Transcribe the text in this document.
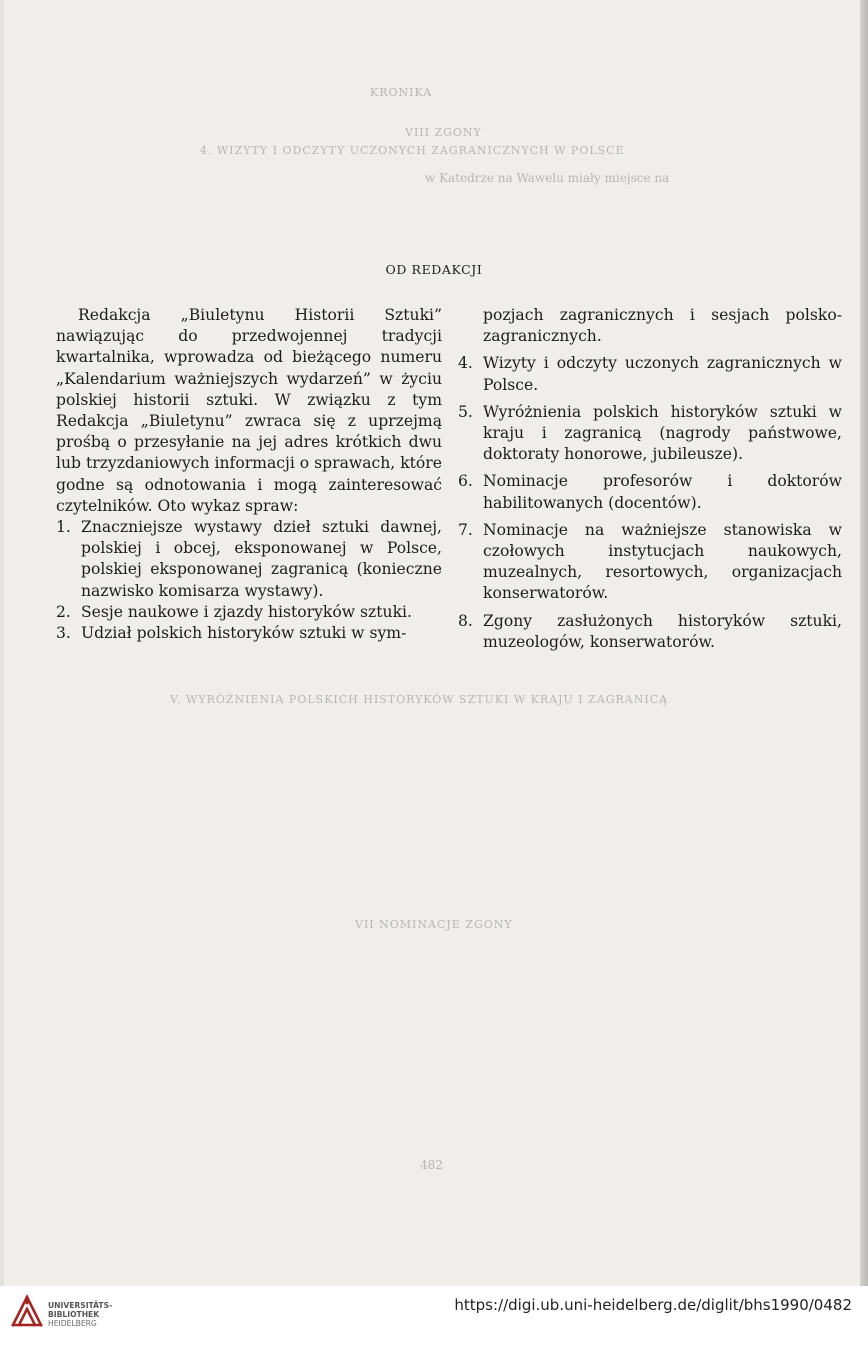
KRONIKA
VIII ZGONY
4. WIZYTY I ODCZYTY UCZONYCH ZAGRANICZNYCH W POLSCE
w Katedrze na Wawelu miały miejsce na
V. WYRÓŻNIENIA POLSKICH HISTORYKÓW SZTUKI W KRAJU I ZAGRANICĄ
VII NOMINACJE ZGONY
482
OD REDAKCJI

Redakcja „Biuletynu Historii Sztuki” nawiązując do przedwojennej tradycji kwartalnika, wprowadza od bieżącego numeru „Kalendarium ważniejszych wydarzeń” w życiu polskiej historii sztuki. W związku z tym Redakcja „Biuletynu” zwraca się z uprzejmą prośbą o przesyłanie na jej adres krótkich dwu lub trzyzdaniowych informacji o sprawach, które godne są odnotowania i mogą zainteresować czytelników. Oto wykaz spraw:

1. Znaczniejsze wystawy dzieł sztuki dawnej, polskiej i obcej, eksponowanej w Polsce, polskiej eksponowanej zagranicą (konieczne nazwisko komisarza wystawy).
2. Sesje naukowe i zjazdy historyków sztuki.
3. Udział polskich historyków sztuki w sym-
pozjach zagranicznych i sesjach polsko-zagranicznych.
4. Wizyty i odczyty uczonych zagranicznych w Polsce.
5. Wyróżnienia polskich historyków sztuki w kraju i zagranicą (nagrody państwowe, doktoraty honorowe, jubileusze).
6. Nominacje profesorów i doktorów habilitowanych (docentów).
7. Nominacje na ważniejsze stanowiska w czołowych instytucjach naukowych, muzealnych, resortowych, organizacjach konserwatorów.
8. Zgony zasłużonych historyków sztuki, muzeologów, konserwatorów.
UNIVERSITÄTS-
BIBLIOTHEK
HEIDELBERG
https://digi.ub.uni-heidelberg.de/diglit/bhs1990/0482
